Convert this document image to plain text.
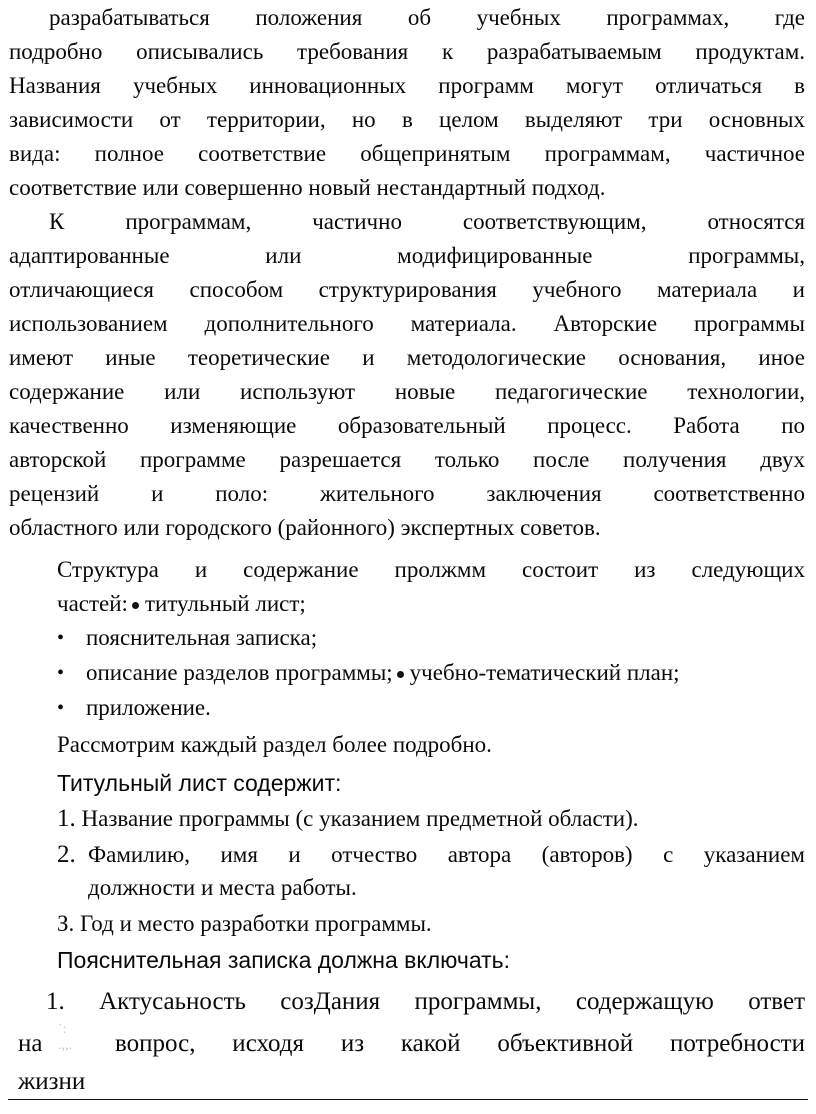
разрабатываться положения об учебных программах, где
подробно описывались требования к разрабатываемым продуктам.
Названия учебных инновационных программ могут отличаться в
зависимости от территории, но в целом выделяют три основных
вида: полное соответствие общепринятым программам, частичное
соответствие или совершенно новый нестандартный подход.
К программам, частично соответствующим, относятся
адаптированные или модифицированные программы,
отличающиеся способом структурирования учебного материала и
использованием дополнительного материала. Авторские программы
имеют иные теоретические и методологические основания, иное
содержание или используют новые педагогические технологии,
качественно изменяющие образовательный процесс. Работа по
авторской программе разрешается только после получения двух
рецензий и поло: жительного заключения соответственно
областного или городского (районного) экспертных советов.
Структура и содержание пролжмм состоит из следующих
частей: титульный лист;
• пояснительная записка;
• описание разделов программы; учебно-тематический план;
• приложение.
Рассмотрим каждый раздел более подробно.
Титульный лист содержит:
1. Название программы (с указанием предметной области).
2. Фамилию, имя и отчество автора (авторов) с указанием
должности и места работы.
З. Год и место разработки программы.
Пояснительная записка должна включать:
1. Актусаьность созДания программы, содержащую ответ
на
˙:
.,,. вопрос, исходя из какой объективной потребности
жизни
